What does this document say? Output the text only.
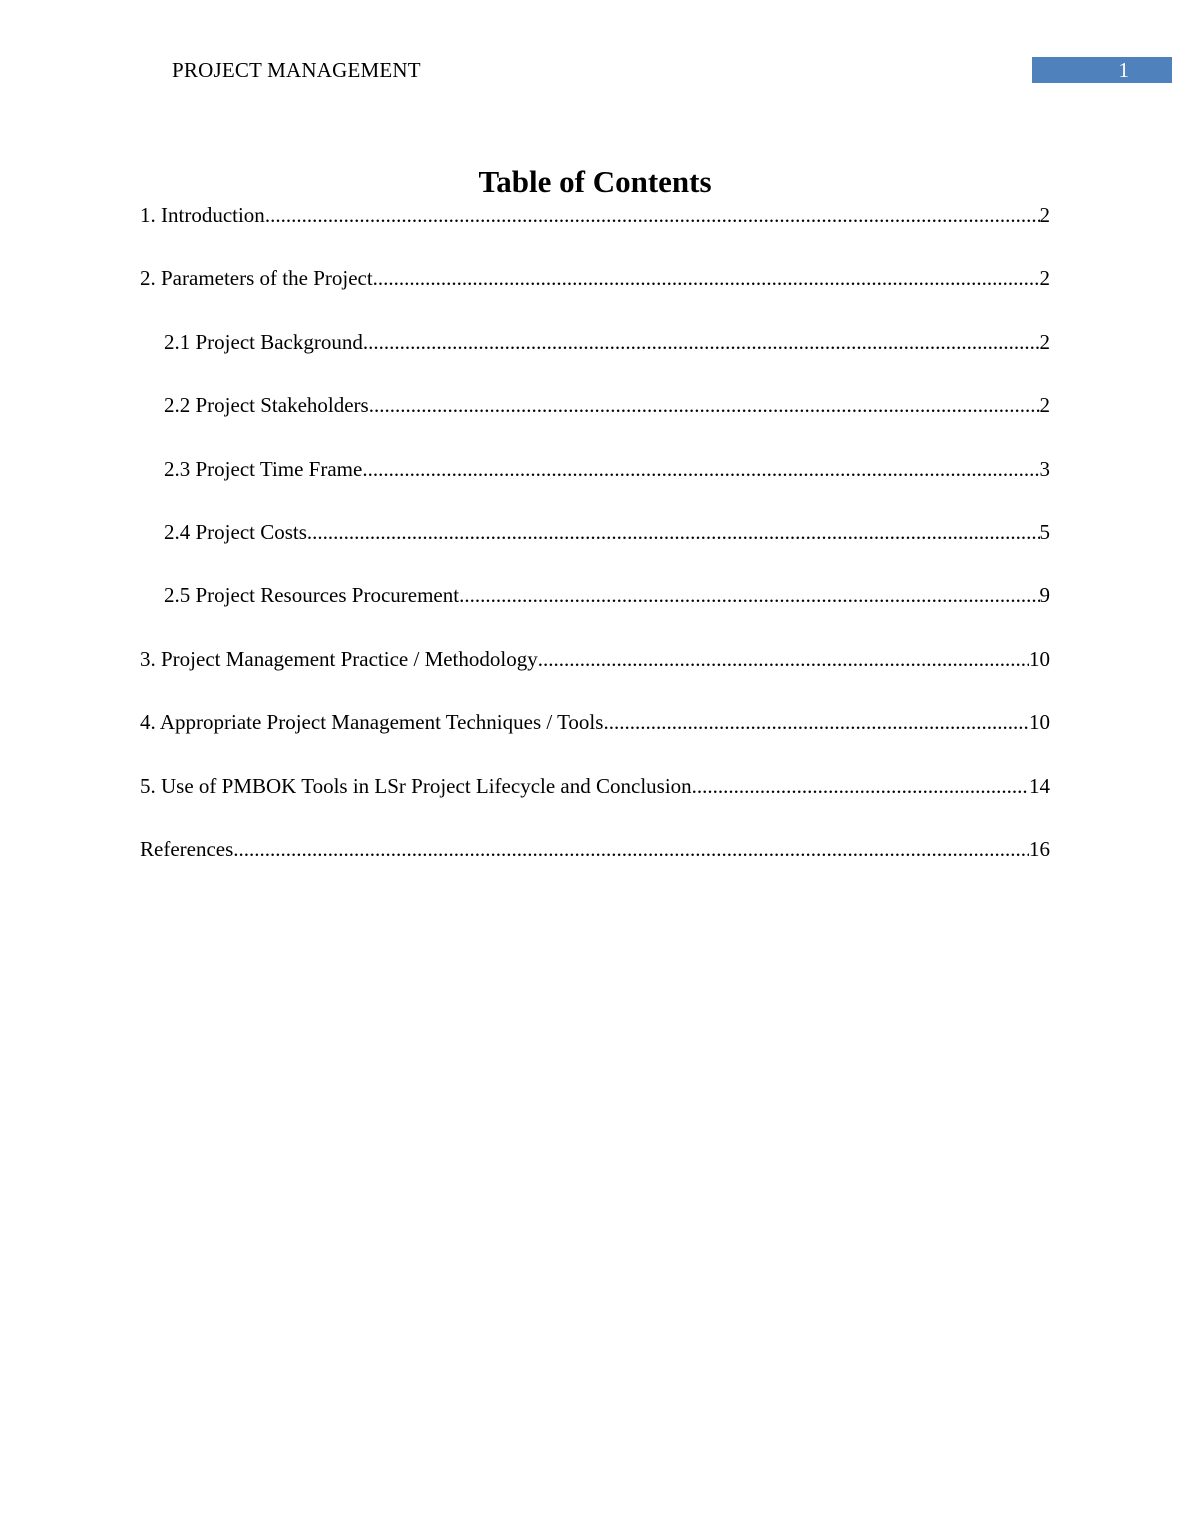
PROJECT MANAGEMENT	1
Table of Contents
1. Introduction .....	2
2. Parameters of the Project .....	2
2.1 Project Background .....	2
2.2 Project Stakeholders .....	2
2.3 Project Time Frame .....	3
2.4 Project Costs .....	5
2.5 Project Resources Procurement .....	9
3. Project Management Practice / Methodology .....	10
4. Appropriate Project Management Techniques / Tools .....	10
5. Use of PMBOK Tools in LSr Project Lifecycle and Conclusion .....	14
References .....	16
